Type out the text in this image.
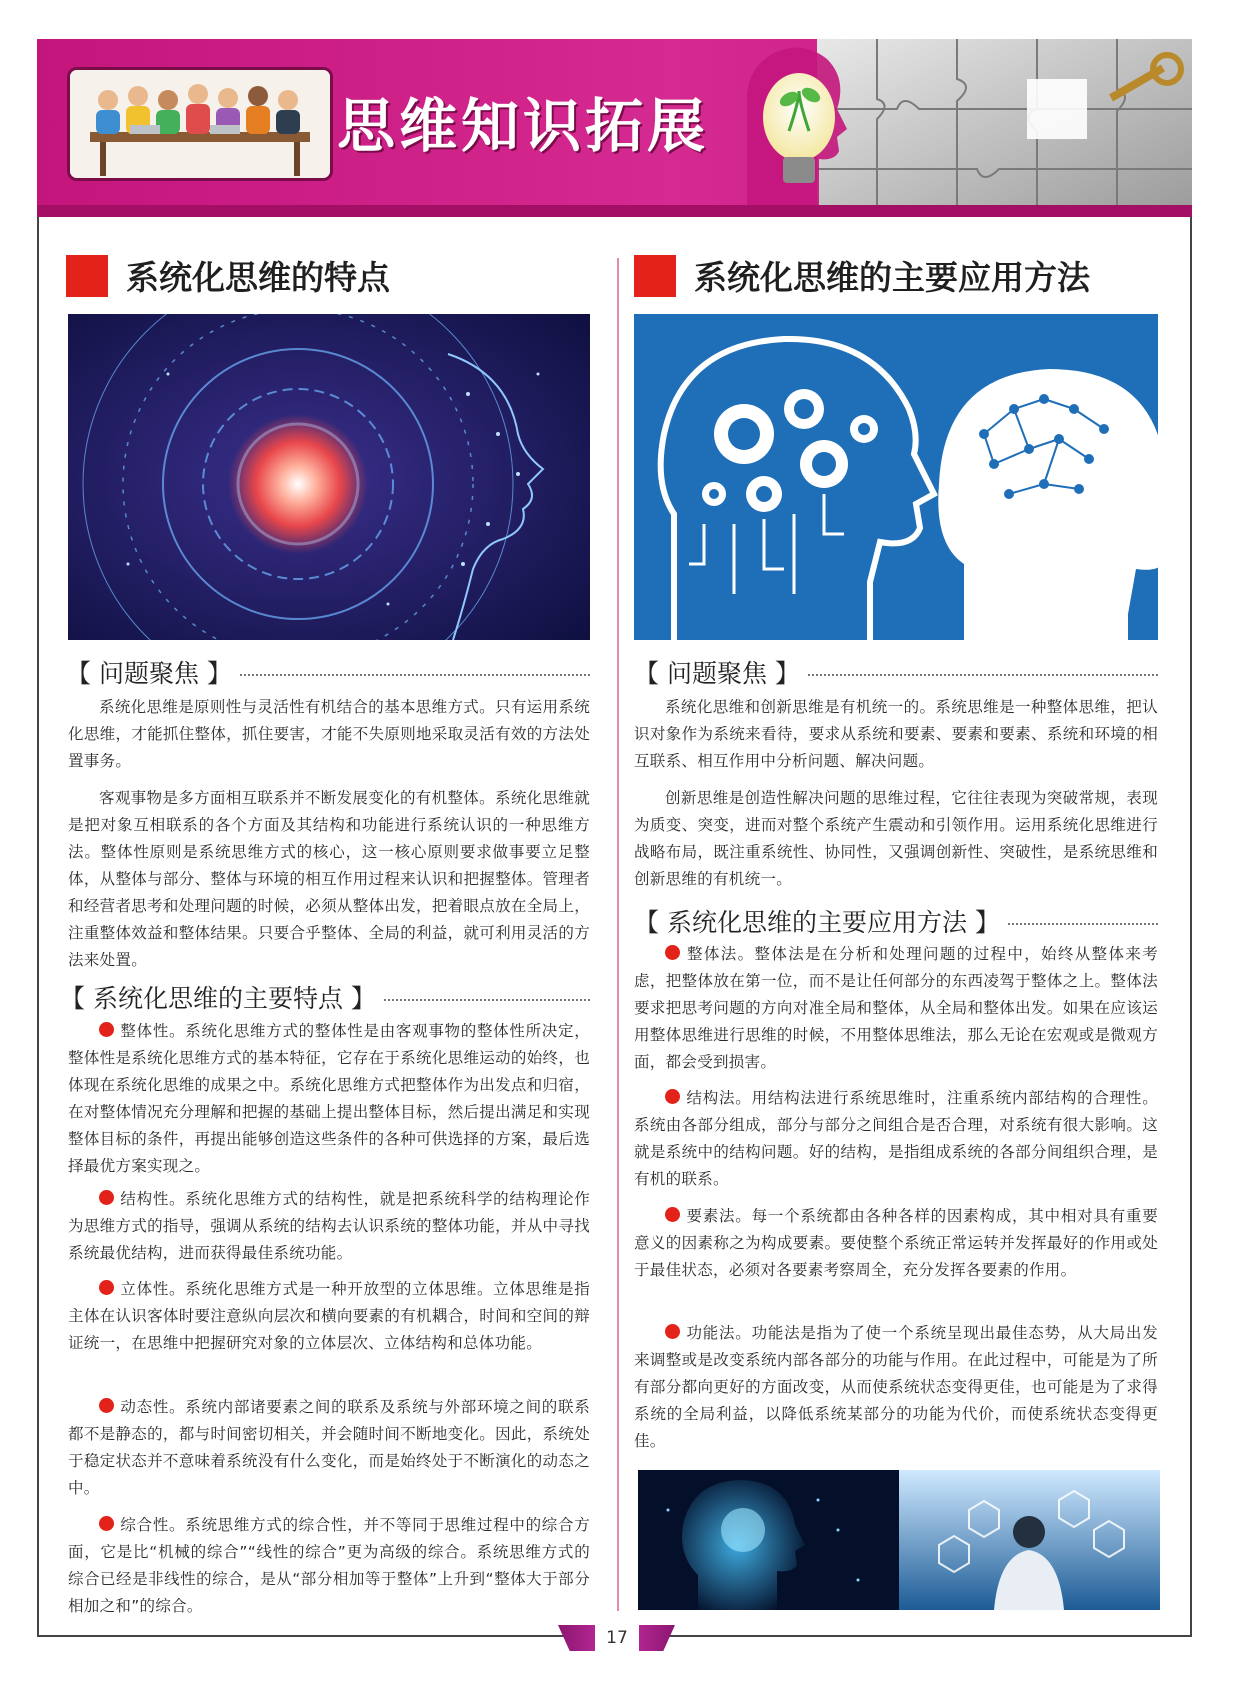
思维知识拓展
系统化思维的特点
【 问题聚焦 】

系统化思维是原则性与灵活性有机结合的基本思维方式。只有运用系统化思维，才能抓住整体，抓住要害，才能不失原则地采取灵活有效的方法处置事务。

客观事物是多方面相互联系并不断发展变化的有机整体。系统化思维就是把对象互相联系的各个方面及其结构和功能进行系统认识的一种思维方法。整体性原则是系统思维方式的核心，这一核心原则要求做事要立足整体，从整体与部分、整体与环境的相互作用过程来认识和把握整体。管理者和经营者思考和处理问题的时候，必须从整体出发，把着眼点放在全局上，注重整体效益和整体结果。只要合乎整体、全局的利益，就可利用灵活的方法来处置。

【 系统化思维的主要特点 】

整体性。系统化思维方式的整体性是由客观事物的整体性所决定，整体性是系统化思维方式的基本特征，它存在于系统化思维运动的始终，也体现在系统化思维的成果之中。系统化思维方式把整体作为出发点和归宿，在对整体情况充分理解和把握的基础上提出整体目标，然后提出满足和实现整体目标的条件，再提出能够创造这些条件的各种可供选择的方案，最后选择最优方案实现之。

结构性。系统化思维方式的结构性，就是把系统科学的结构理论作为思维方式的指导，强调从系统的结构去认识系统的整体功能，并从中寻找系统最优结构，进而获得最佳系统功能。

立体性。系统化思维方式是一种开放型的立体思维。立体思维是指主体在认识客体时要注意纵向层次和横向要素的有机耦合，时间和空间的辩证统一，在思维中把握研究对象的立体层次、立体结构和总体功能。

动态性。系统内部诸要素之间的联系及系统与外部环境之间的联系都不是静态的，都与时间密切相关，并会随时间不断地变化。因此，系统处于稳定状态并不意味着系统没有什么变化，而是始终处于不断演化的动态之中。

综合性。系统思维方式的综合性，并不等同于思维过程中的综合方面，它是比“机械的综合”“线性的综合”更为高级的综合。系统思维方式的综合已经是非线性的综合，是从“部分相加等于整体”上升到“整体大于部分相加之和”的综合。

系统化思维的主要应用方法
【 问题聚焦 】

系统化思维和创新思维是有机统一的。系统思维是一种整体思维，把认识对象作为系统来看待，要求从系统和要素、要素和要素、系统和环境的相互联系、相互作用中分析问题、解决问题。

创新思维是创造性解决问题的思维过程，它往往表现为突破常规，表现为质变、突变，进而对整个系统产生震动和引领作用。运用系统化思维进行战略布局，既注重系统性、协同性，又强调创新性、突破性，是系统思维和创新思维的有机统一。

【 系统化思维的主要应用方法 】

整体法。整体法是在分析和处理问题的过程中，始终从整体来考虑，把整体放在第一位，而不是让任何部分的东西凌驾于整体之上。整体法要求把思考问题的方向对准全局和整体，从全局和整体出发。如果在应该运用整体思维进行思维的时候，不用整体思维法，那么无论在宏观或是微观方面，都会受到损害。

结构法。用结构法进行系统思维时，注重系统内部结构的合理性。系统由各部分组成，部分与部分之间组合是否合理，对系统有很大影响。这就是系统中的结构问题。好的结构，是指组成系统的各部分间组织合理，是有机的联系。

要素法。每一个系统都由各种各样的因素构成，其中相对具有重要意义的因素称之为构成要素。要使整个系统正常运转并发挥最好的作用或处于最佳状态，必须对各要素考察周全，充分发挥各要素的作用。

功能法。功能法是指为了使一个系统呈现出最佳态势，从大局出发来调整或是改变系统内部各部分的功能与作用。在此过程中，可能是为了所有部分都向更好的方面改变，从而使系统状态变得更佳，也可能是为了求得系统的全局利益，以降低系统某部分的功能为代价，而使系统状态变得更佳。

17
